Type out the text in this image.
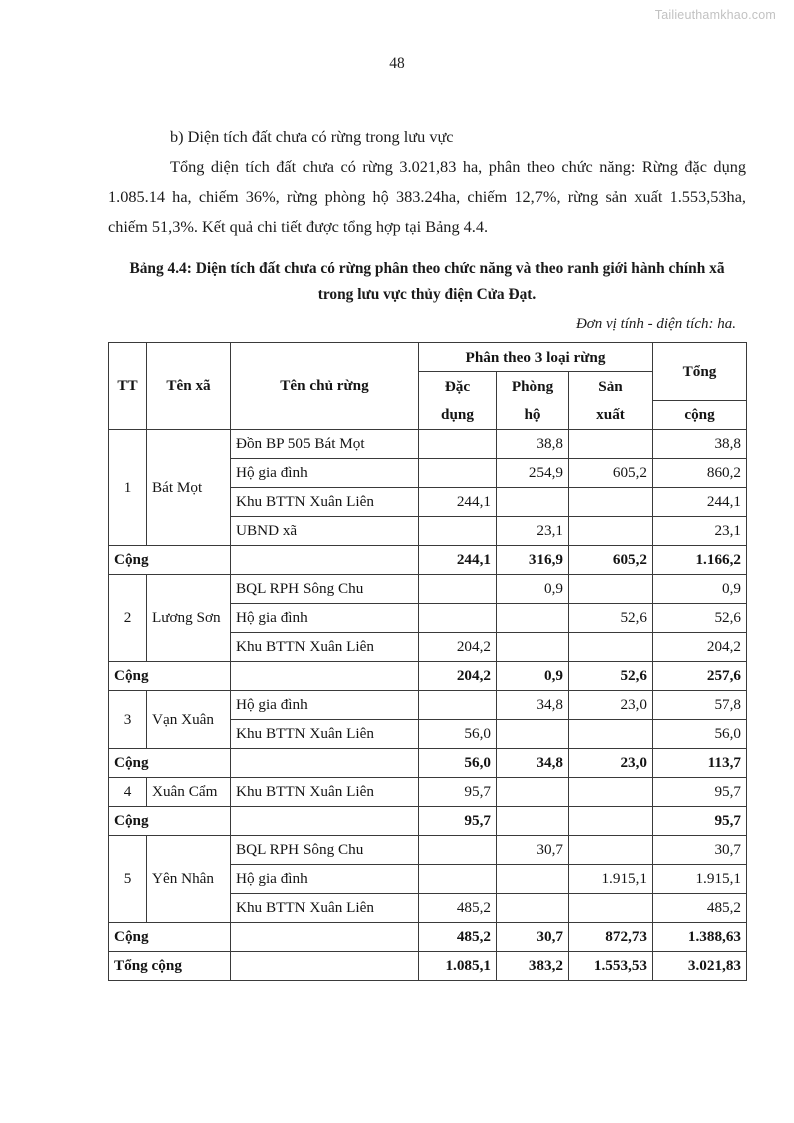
Tailieuthamkhao.com
48

b) Diện tích đất chưa có rừng trong lưu vực

Tổng diện tích đất chưa có rừng 3.021,83 ha, phân theo chức năng: Rừng đặc dụng 1.085.14 ha, chiếm 36%, rừng phòng hộ 383.24ha, chiếm 12,7%, rừng sản xuất 1.553,53ha, chiếm 51,3%. Kết quả chi tiết được tổng hợp tại Bảng 4.4.

Bảng 4.4: Diện tích đất chưa có rừng phân theo chức năng và theo ranh giới hành chính xã trong lưu vực thủy điện Cửa Đạt.
Đơn vị tính - diện tích: ha.
TT	Tên xã	Tên chủ rừng	Phân theo 3 loại rừng			Tổng
			Đặc	Phòng	Sản	
			dụng	hộ	xuất	cộng
1	Bát Mọt	Đồn BP 505 Bát Mọt		38,8		38,8
		Hộ gia đình		254,9	605,2	860,2
		Khu BTTN Xuân Liên	244,1			244,1
		UBND xã		23,1		23,1
Cộng			244,1	316,9	605,2	1.166,2
2	Lương Sơn	BQL RPH Sông Chu		0,9		0,9
		Hộ gia đình			52,6	52,6
		Khu BTTN Xuân Liên	204,2			204,2
Cộng			204,2	0,9	52,6	257,6
3	Vạn Xuân	Hộ gia đình		34,8	23,0	57,8
		Khu BTTN Xuân Liên	56,0			56,0
Cộng			56,0	34,8	23,0	113,7
4	Xuân Cẩm	Khu BTTN Xuân Liên	95,7			95,7
Cộng			95,7			95,7
5	Yên Nhân	BQL RPH Sông Chu		30,7		30,7
		Hộ gia đình			1.915,1	1.915,1
		Khu BTTN Xuân Liên	485,2			485,2
Cộng			485,2	30,7	872,73	1.388,63
Tổng cộng			1.085,1	383,2	1.553,53	3.021,83
